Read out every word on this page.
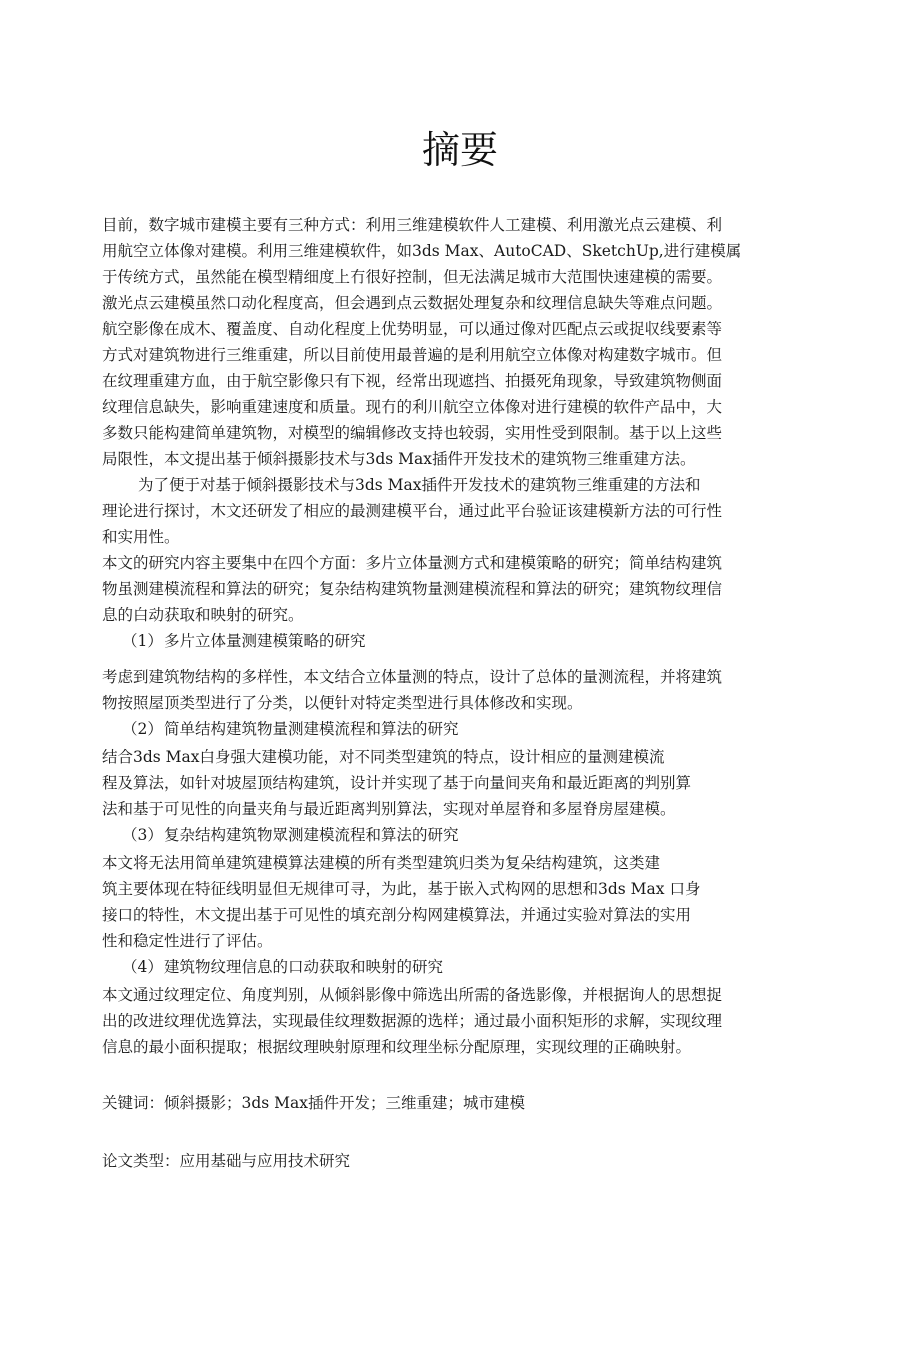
摘要

目前，数字城市建模主要有三种方式：利用三维建模软件人工建模、利用激光点云建模、利

用航空立体像对建模。利用三维建模软件，如3ds Max、AutoCAD、SketchUp,进行建模属

于传统方式，虽然能在模型精细度上冇很好控制，但无法满足城市大范围快速建模的需要。

激光点云建模虽然口动化程度高，但会遇到点云数据处理复杂和纹理信息缺失等难点问题。

航空影像在成木、覆盖度、自动化程度上优势明显，可以通过像对匹配点云或捉収线要素等

方式对建筑物进行三维重建，所以目前使用最普遍的是利用航空立体像对构建数字城市。但

在纹理重建方血，由于航空影像只有下视，经常出现遮挡、拍摄死角现象，导致建筑物侧面

纹理信息缺失，影响重建速度和质量。现冇的利川航空立体像对进行建模的软件产品中，大

多数只能构建简单建筑物，对模型的编辑修改支持也较弱，实用性受到限制。基于以上这些

局限性，本文提出基于倾斜摄影技术与3ds Max插件开发技术的建筑物三维重建方法。

为了便于对基于倾斜摄影技术与3ds Max插件开发技术的建筑物三维重建的方法和

理论进行探讨，木文还研发了相应的最测建模平台，通过此平台验证该建模新方法的可行性

和实用性。

本文的研究内容主要集中在四个方面：多片立体量测方式和建模策略的研究；简单结构建筑

物虽测建模流程和算法的研究；复杂结构建筑物量测建模流程和算法的研究；建筑物纹理信

息的白动获取和映射的研究。

（1）多片立体量测建模策略的研究

考虑到建筑物结构的多样性，本文结合立体量测的特点，设计了总体的量测流程，并将建筑

物按照屋顶类型进行了分类，以便针对特定类型进行具体修改和实现。

（2）简单结构建筑物量测建模流程和算法的研究

结合3ds Max白身强大建模功能，对不同类型建筑的特点，设计相应的量测建模流

程及算法，如针对坡屋顶结构建筑，设计并实现了基于向量间夹角和最近距离的判别算

法和基于可见性的向量夹角与最近距离判别算法，实现对单屋脊和多屋脊房屋建模。

（3）复杂结构建筑物眾测建模流程和算法的研究

本文将无法用简单建筑建模算法建模的所有类型建筑归类为复朵结构建筑，这类建

筑主要体现在特征线明显但无规律可寻，为此，基于嵌入式构网的思想和3ds Max 口身

接口的特性，木文提出基于可见性的填充剖分构网建模算法，并通过实验对算法的实用

性和稳定性进行了评估。

（4）建筑物纹理信息的口动获取和映射的研究

本文通过纹理定位、角度判别，从倾斜影像中筛选出所需的备选影像，并根据询人的思想捉

出的改进纹理优选算法，实现最佳纹理数据源的选样；通过最小面积矩形的求解，实现纹理

信息的最小面积提取；根据纹理映射原理和纹理坐标分配原理，实现纹理的正确映射。

关键词：倾斜摄影；3ds Max插件开发；三维重建；城市建模

论文类型：应用基础与应用技术研究
